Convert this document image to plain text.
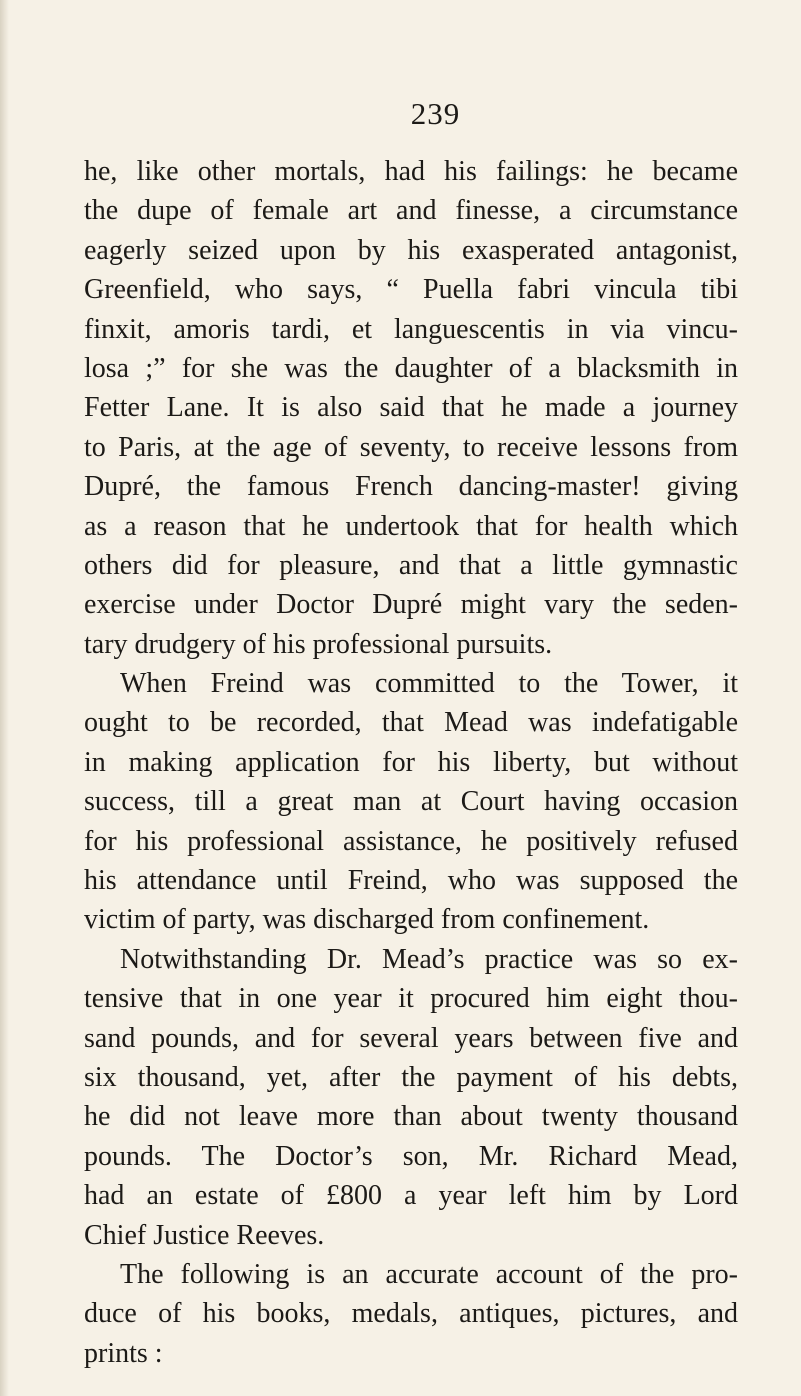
239
he, like other mortals, had his failings: he became
the dupe of female art and finesse, a circumstance
eagerly seized upon by his exasperated antagonist,
Greenfield, who says, “ Puella fabri vincula tibi
finxit, amoris tardi, et languescentis in via vincu-
losa ;” for she was the daughter of a blacksmith in
Fetter Lane. It is also said that he made a journey
to Paris, at the age of seventy, to receive lessons from
Dupré, the famous French dancing-master! giving
as a reason that he undertook that for health which
others did for pleasure, and that a little gymnastic
exercise under Doctor Dupré might vary the seden-
tary drudgery of his professional pursuits.
When Freind was committed to the Tower, it
ought to be recorded, that Mead was indefatigable
in making application for his liberty, but without
success, till a great man at Court having occasion
for his professional assistance, he positively refused
his attendance until Freind, who was supposed the
victim of party, was discharged from confinement.
Notwithstanding Dr. Mead’s practice was so ex-
tensive that in one year it procured him eight thou-
sand pounds, and for several years between five and
six thousand, yet, after the payment of his debts,
he did not leave more than about twenty thousand
pounds. The Doctor’s son, Mr. Richard Mead,
had an estate of £800 a year left him by Lord
Chief Justice Reeves.
The following is an accurate account of the pro-
duce of his books, medals, antiques, pictures, and
prints :
